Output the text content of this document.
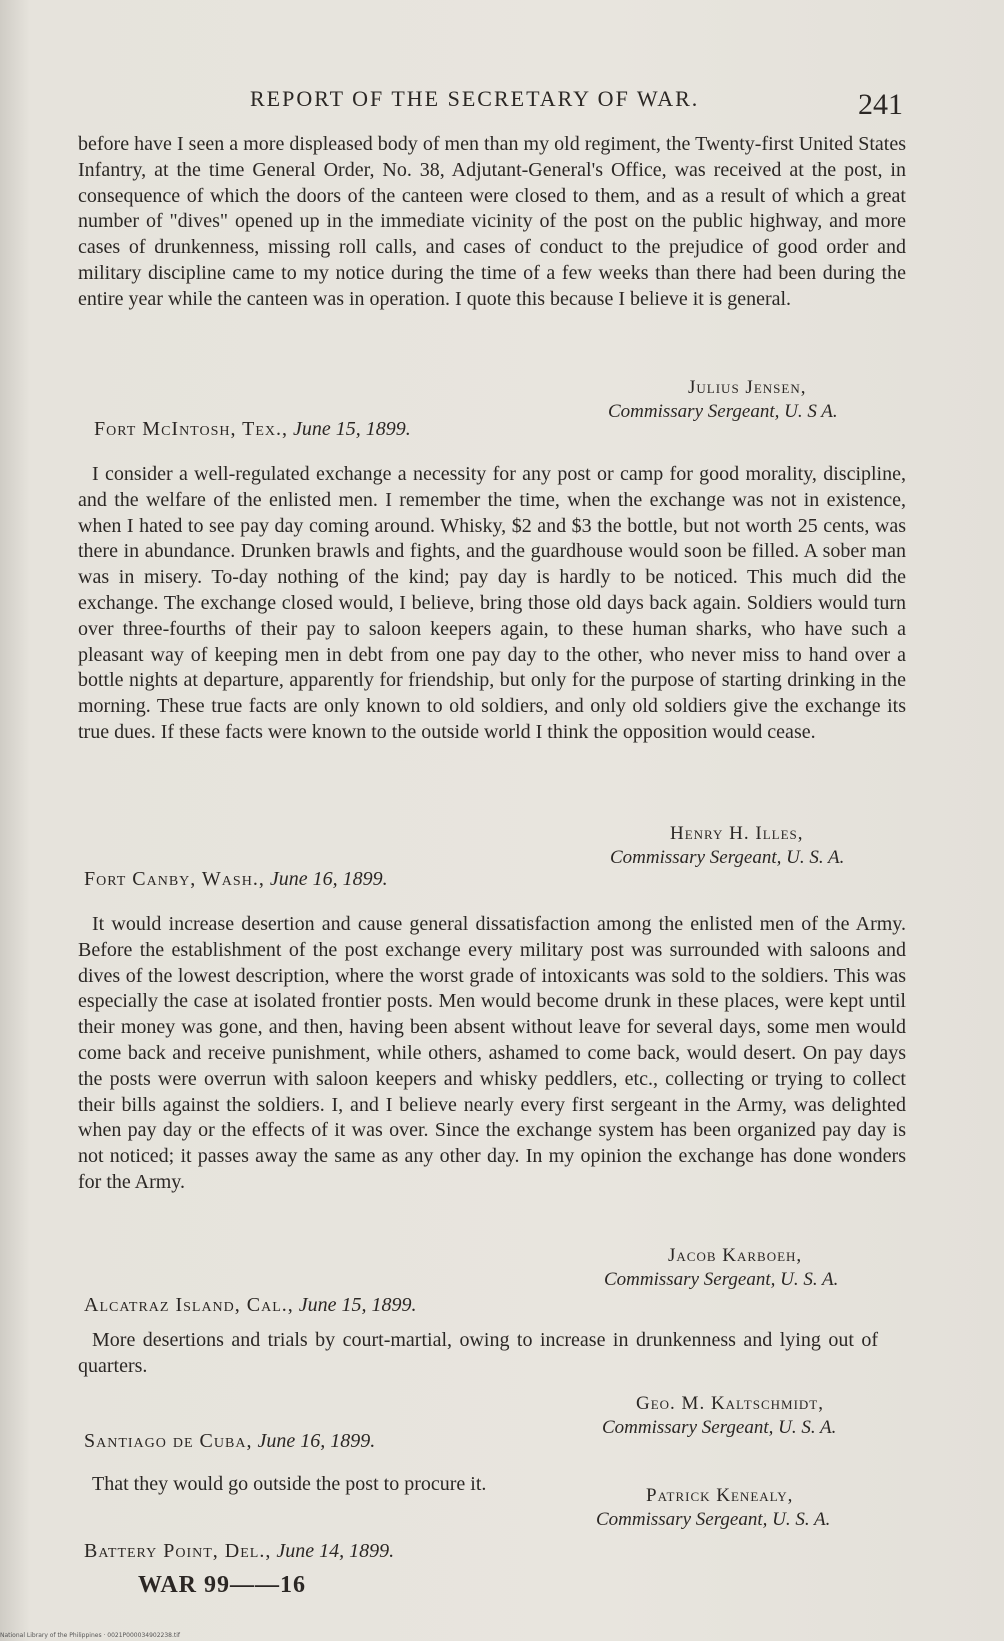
REPORT OF THE SECRETARY OF WAR.	241

before have I seen a more displeased body of men than my old regiment, the Twenty-first United States Infantry, at the time General Order, No. 38, Adjutant-General's Office, was received at the post, in consequence of which the doors of the canteen were closed to them, and as a result of which a great number of "dives" opened up in the immediate vicinity of the post on the public highway, and more cases of drunkenness, missing roll calls, and cases of conduct to the prejudice of good order and military discipline came to my notice during the time of a few weeks than there had been during the entire year while the canteen was in operation. I quote this because I believe it is general.

Julius Jensen,
Commissary Sergeant, U. S A.
Fort McIntosh, Tex., June 15, 1899.

I consider a well-regulated exchange a necessity for any post or camp for good morality, discipline, and the welfare of the enlisted men. I remember the time, when the exchange was not in existence, when I hated to see pay day coming around. Whisky, $2 and $3 the bottle, but not worth 25 cents, was there in abundance. Drunken brawls and fights, and the guardhouse would soon be filled. A sober man was in misery. To-day nothing of the kind; pay day is hardly to be noticed. This much did the exchange. The exchange closed would, I believe, bring those old days back again. Soldiers would turn over three-fourths of their pay to saloon keepers again, to these human sharks, who have such a pleasant way of keeping men in debt from one pay day to the other, who never miss to hand over a bottle nights at departure, apparently for friendship, but only for the purpose of starting drinking in the morning. These true facts are only known to old soldiers, and only old soldiers give the exchange its true dues. If these facts were known to the outside world I think the opposition would cease.

Henry H. Illes,
Commissary Sergeant, U. S. A.
Fort Canby, Wash., June 16, 1899.

It would increase desertion and cause general dissatisfaction among the enlisted men of the Army. Before the establishment of the post exchange every military post was surrounded with saloons and dives of the lowest description, where the worst grade of intoxicants was sold to the soldiers. This was especially the case at isolated frontier posts. Men would become drunk in these places, were kept until their money was gone, and then, having been absent without leave for several days, some men would come back and receive punishment, while others, ashamed to come back, would desert. On pay days the posts were overrun with saloon keepers and whisky peddlers, etc., collecting or trying to collect their bills against the soldiers. I, and I believe nearly every first sergeant in the Army, was delighted when pay day or the effects of it was over. Since the exchange system has been organized pay day is not noticed; it passes away the same as any other day. In my opinion the exchange has done wonders for the Army.

Jacob Karboeh,
Commissary Sergeant, U. S. A.
Alcatraz Island, Cal., June 15, 1899.

More desertions and trials by court-martial, owing to increase in drunkenness and lying out of quarters.

Geo. M. Kaltschmidt,
Commissary Sergeant, U. S. A.
Santiago de Cuba, June 16, 1899.

That they would go outside the post to procure it.

Patrick Kenealy,
Commissary Sergeant, U. S. A.
Battery Point, Del., June 14, 1899.
WAR 99——16
National Library of the Philippines · 0021P000034902238.tif
